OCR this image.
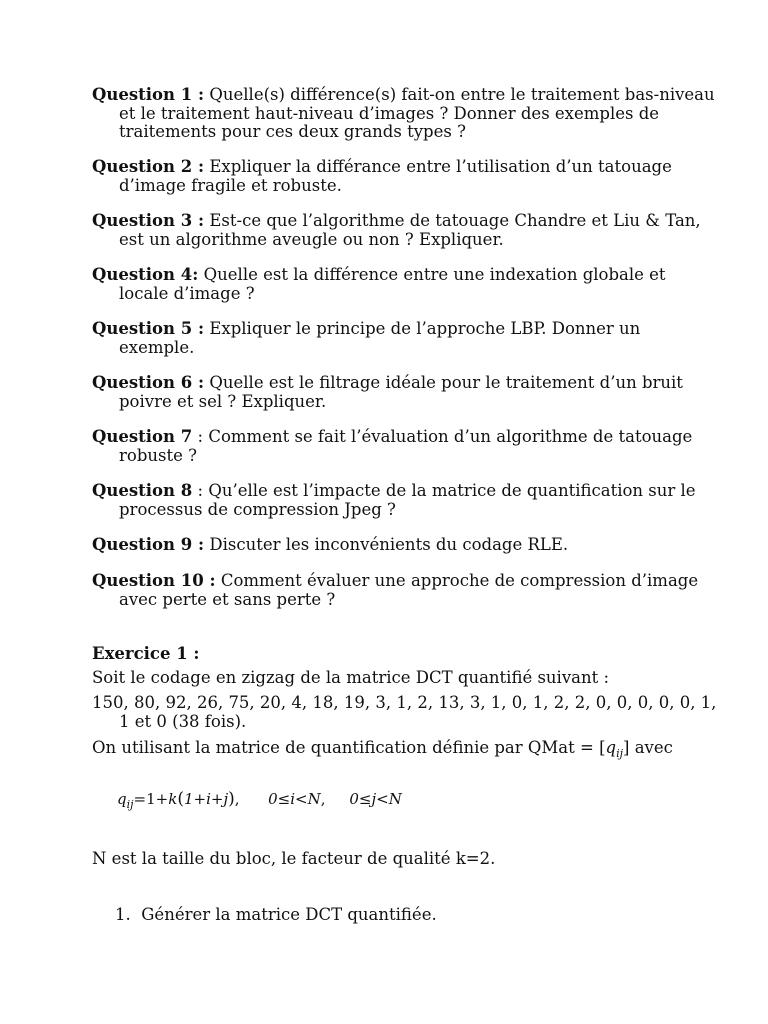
Question 1 : Quelle(s) différence(s) fait-on entre le traitement bas-niveau et le traitement haut-niveau d’images ? Donner des exemples de traitements pour ces deux grands types ?
Question 2 : Expliquer la différance entre l’utilisation d’un tatouage d’image fragile et robuste.
Question 3 : Est-ce que l’algorithme de tatouage Chandre et Liu & Tan, est un algorithme aveugle ou non ? Expliquer.
Question 4: Quelle est la différence entre une indexation globale et locale d’image ?
Question 5 : Expliquer le principe de l’approche LBP. Donner un exemple.
Question 6 : Quelle est le filtrage idéale pour le traitement d’un bruit poivre et sel ? Expliquer.
Question 7 : Comment se fait l’évaluation d’un algorithme de tatouage robuste ?
Question 8 : Qu’elle est l’impacte de la matrice de quantification sur le processus de compression Jpeg ?
Question 9 : Discuter les inconvénients du codage RLE.
Question 10 : Comment évaluer une approche de compression d’image avec perte et sans perte ?
Exercice 1 :
Soit le codage en zigzag de la matrice DCT quantifié suivant :
150, 80, 92, 26, 75, 20, 4, 18, 19, 3, 1, 2, 13, 3, 1, 0, 1, 2, 2, 0, 0, 0, 0, 0, 1, 1 et 0 (38 fois).
On utilisant la matrice de quantification définie par QMat = $[q_{ij}]$ avec
$q_{ij}=1+k(1+i+j)$, 0≤i<N, 0≤j<N
N est la taille du bloc, le facteur de qualité k=2.
1. Générer la matrice DCT quantifiée.
